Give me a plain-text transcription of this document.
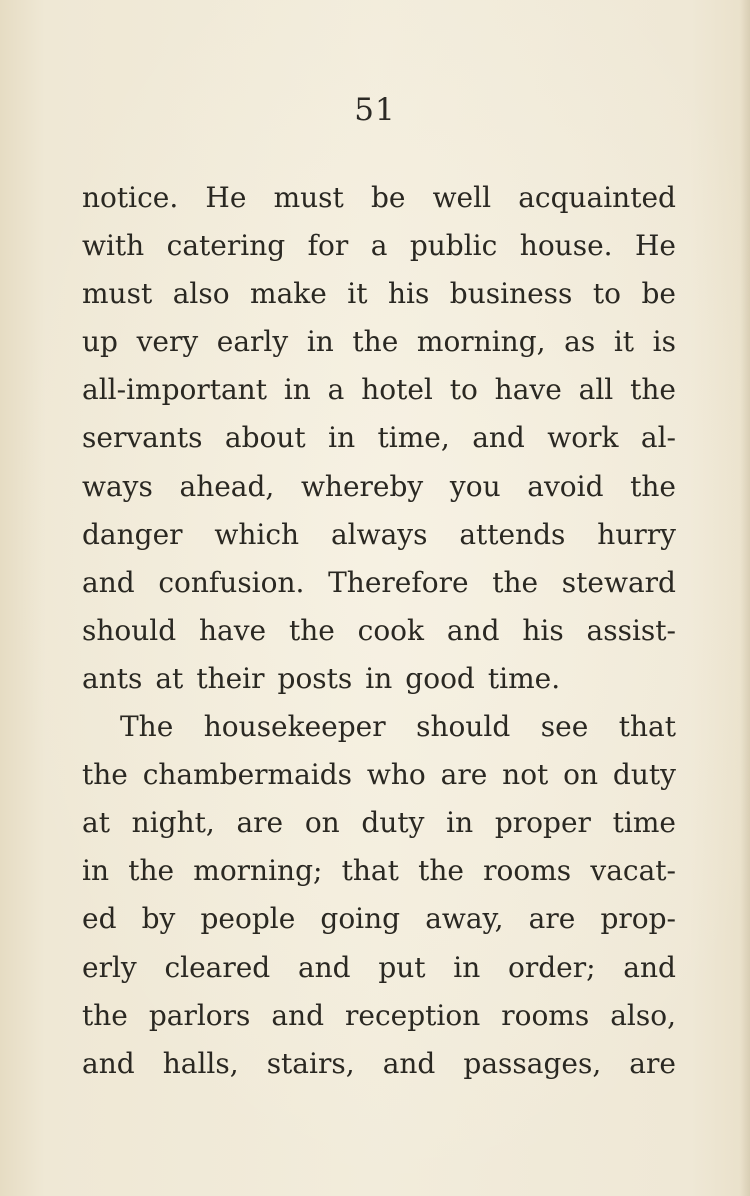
51
notice. He must be well acquainted
with catering for a public house. He
must also make it his business to be
up very early in the morning, as it is
all-important in a hotel to have all the
servants about in time, and work al-
ways ahead, whereby you avoid the
danger which always attends hurry
and confusion. Therefore the steward
should have the cook and his assist-
ants at their posts in good time.
The housekeeper should see that
the chambermaids who are not on duty
at night, are on duty in proper time
in the morning; that the rooms vacat-
ed by people going away, are prop-
erly cleared and put in order; and
the parlors and reception rooms also,
and halls, stairs, and passages, are
